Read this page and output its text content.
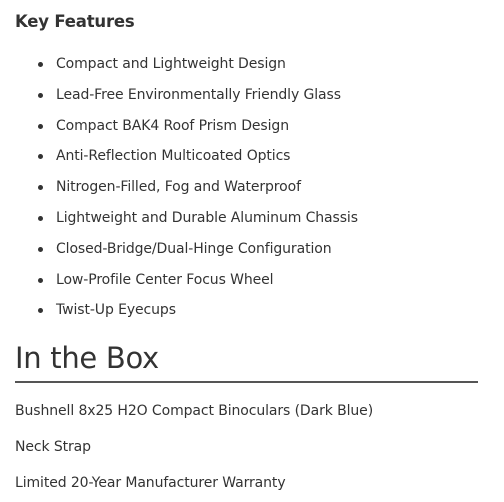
Key Features
Compact and Lightweight Design
Lead-Free Environmentally Friendly Glass
Compact BAK4 Roof Prism Design
Anti-Reflection Multicoated Optics
Nitrogen-Filled, Fog and Waterproof
Lightweight and Durable Aluminum Chassis
Closed-Bridge/Dual-Hinge Configuration
Low-Profile Center Focus Wheel
Twist-Up Eyecups
In the Box

Bushnell 8x25 H2O Compact Binoculars (Dark Blue)

Neck Strap

Limited 20-Year Manufacturer Warranty
